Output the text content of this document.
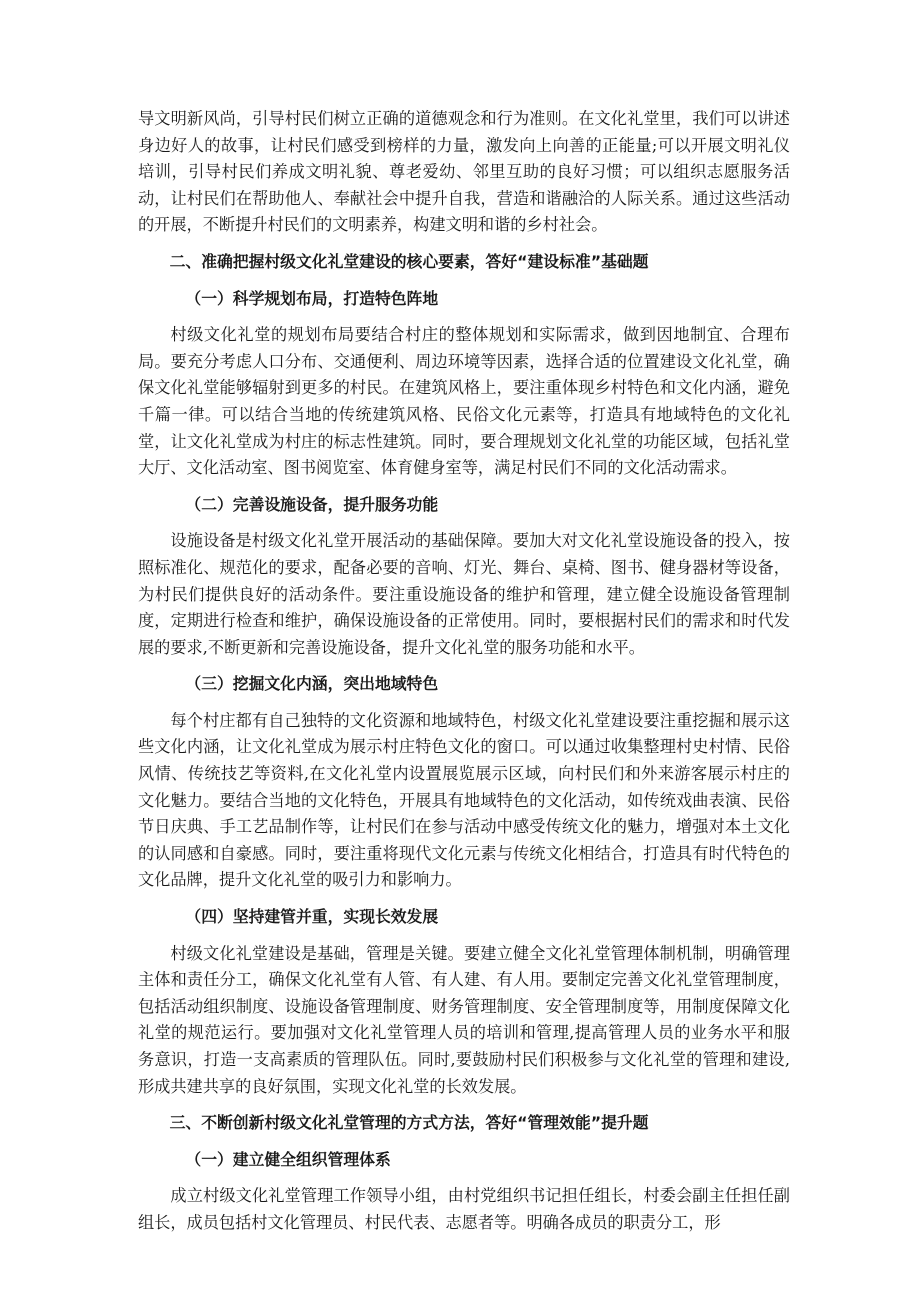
导文明新风尚，引导村民们树立正确的道德观念和行为准则。在文化礼堂里，我们可以讲述身边好人的故事，让村民们感受到榜样的力量，激发向上向善的正能量;可以开展文明礼仪培训，引导村民们养成文明礼貌、尊老爱幼、邻里互助的良好习惯；可以组织志愿服务活动，让村民们在帮助他人、奉献社会中提升自我，营造和谐融洽的人际关系。通过这些活动的开展，不断提升村民们的文明素养，构建文明和谐的乡村社会。

二、准确把握村级文化礼堂建设的核心要素，答好“建设标准”基础题

（一）科学规划布局，打造特色阵地

村级文化礼堂的规划布局要结合村庄的整体规划和实际需求，做到因地制宜、合理布局。要充分考虑人口分布、交通便利、周边环境等因素，选择合适的位置建设文化礼堂，确保文化礼堂能够辐射到更多的村民。在建筑风格上，要注重体现乡村特色和文化内涵，避免千篇一律。可以结合当地的传统建筑风格、民俗文化元素等，打造具有地域特色的文化礼堂，让文化礼堂成为村庄的标志性建筑。同时，要合理规划文化礼堂的功能区域，包括礼堂大厅、文化活动室、图书阅览室、体育健身室等，满足村民们不同的文化活动需求。

（二）完善设施设备，提升服务功能

设施设备是村级文化礼堂开展活动的基础保障。要加大对文化礼堂设施设备的投入，按照标准化、规范化的要求，配备必要的音响、灯光、舞台、桌椅、图书、健身器材等设备，为村民们提供良好的活动条件。要注重设施设备的维护和管理，建立健全设施设备管理制度，定期进行检查和维护，确保设施设备的正常使用。同时，要根据村民们的需求和时代发展的要求,不断更新和完善设施设备，提升文化礼堂的服务功能和水平。

（三）挖掘文化内涵，突出地域特色

每个村庄都有自己独特的文化资源和地域特色，村级文化礼堂建设要注重挖掘和展示这些文化内涵，让文化礼堂成为展示村庄特色文化的窗口。可以通过收集整理村史村情、民俗风情、传统技艺等资料,在文化礼堂内设置展览展示区域，向村民们和外来游客展示村庄的文化魅力。要结合当地的文化特色，开展具有地域特色的文化活动，如传统戏曲表演、民俗节日庆典、手工艺品制作等，让村民们在参与活动中感受传统文化的魅力，增强对本土文化的认同感和自豪感。同时，要注重将现代文化元素与传统文化相结合，打造具有时代特色的文化品牌，提升文化礼堂的吸引力和影响力。

（四）坚持建管并重，实现长效发展

村级文化礼堂建设是基础，管理是关键。要建立健全文化礼堂管理体制机制，明确管理主体和责任分工，确保文化礼堂有人管、有人建、有人用。要制定完善文化礼堂管理制度，包括活动组织制度、设施设备管理制度、财务管理制度、安全管理制度等，用制度保障文化礼堂的规范运行。要加强对文化礼堂管理人员的培训和管理,提高管理人员的业务水平和服务意识，打造一支高素质的管理队伍。同时,要鼓励村民们积极参与文化礼堂的管理和建设,形成共建共享的良好氛围，实现文化礼堂的长效发展。

三、不断创新村级文化礼堂管理的方式方法，答好“管理效能”提升题

（一）建立健全组织管理体系

成立村级文化礼堂管理工作领导小组，由村党组织书记担任组长，村委会副主任担任副组长，成员包括村文化管理员、村民代表、志愿者等。明确各成员的职责分工，形
